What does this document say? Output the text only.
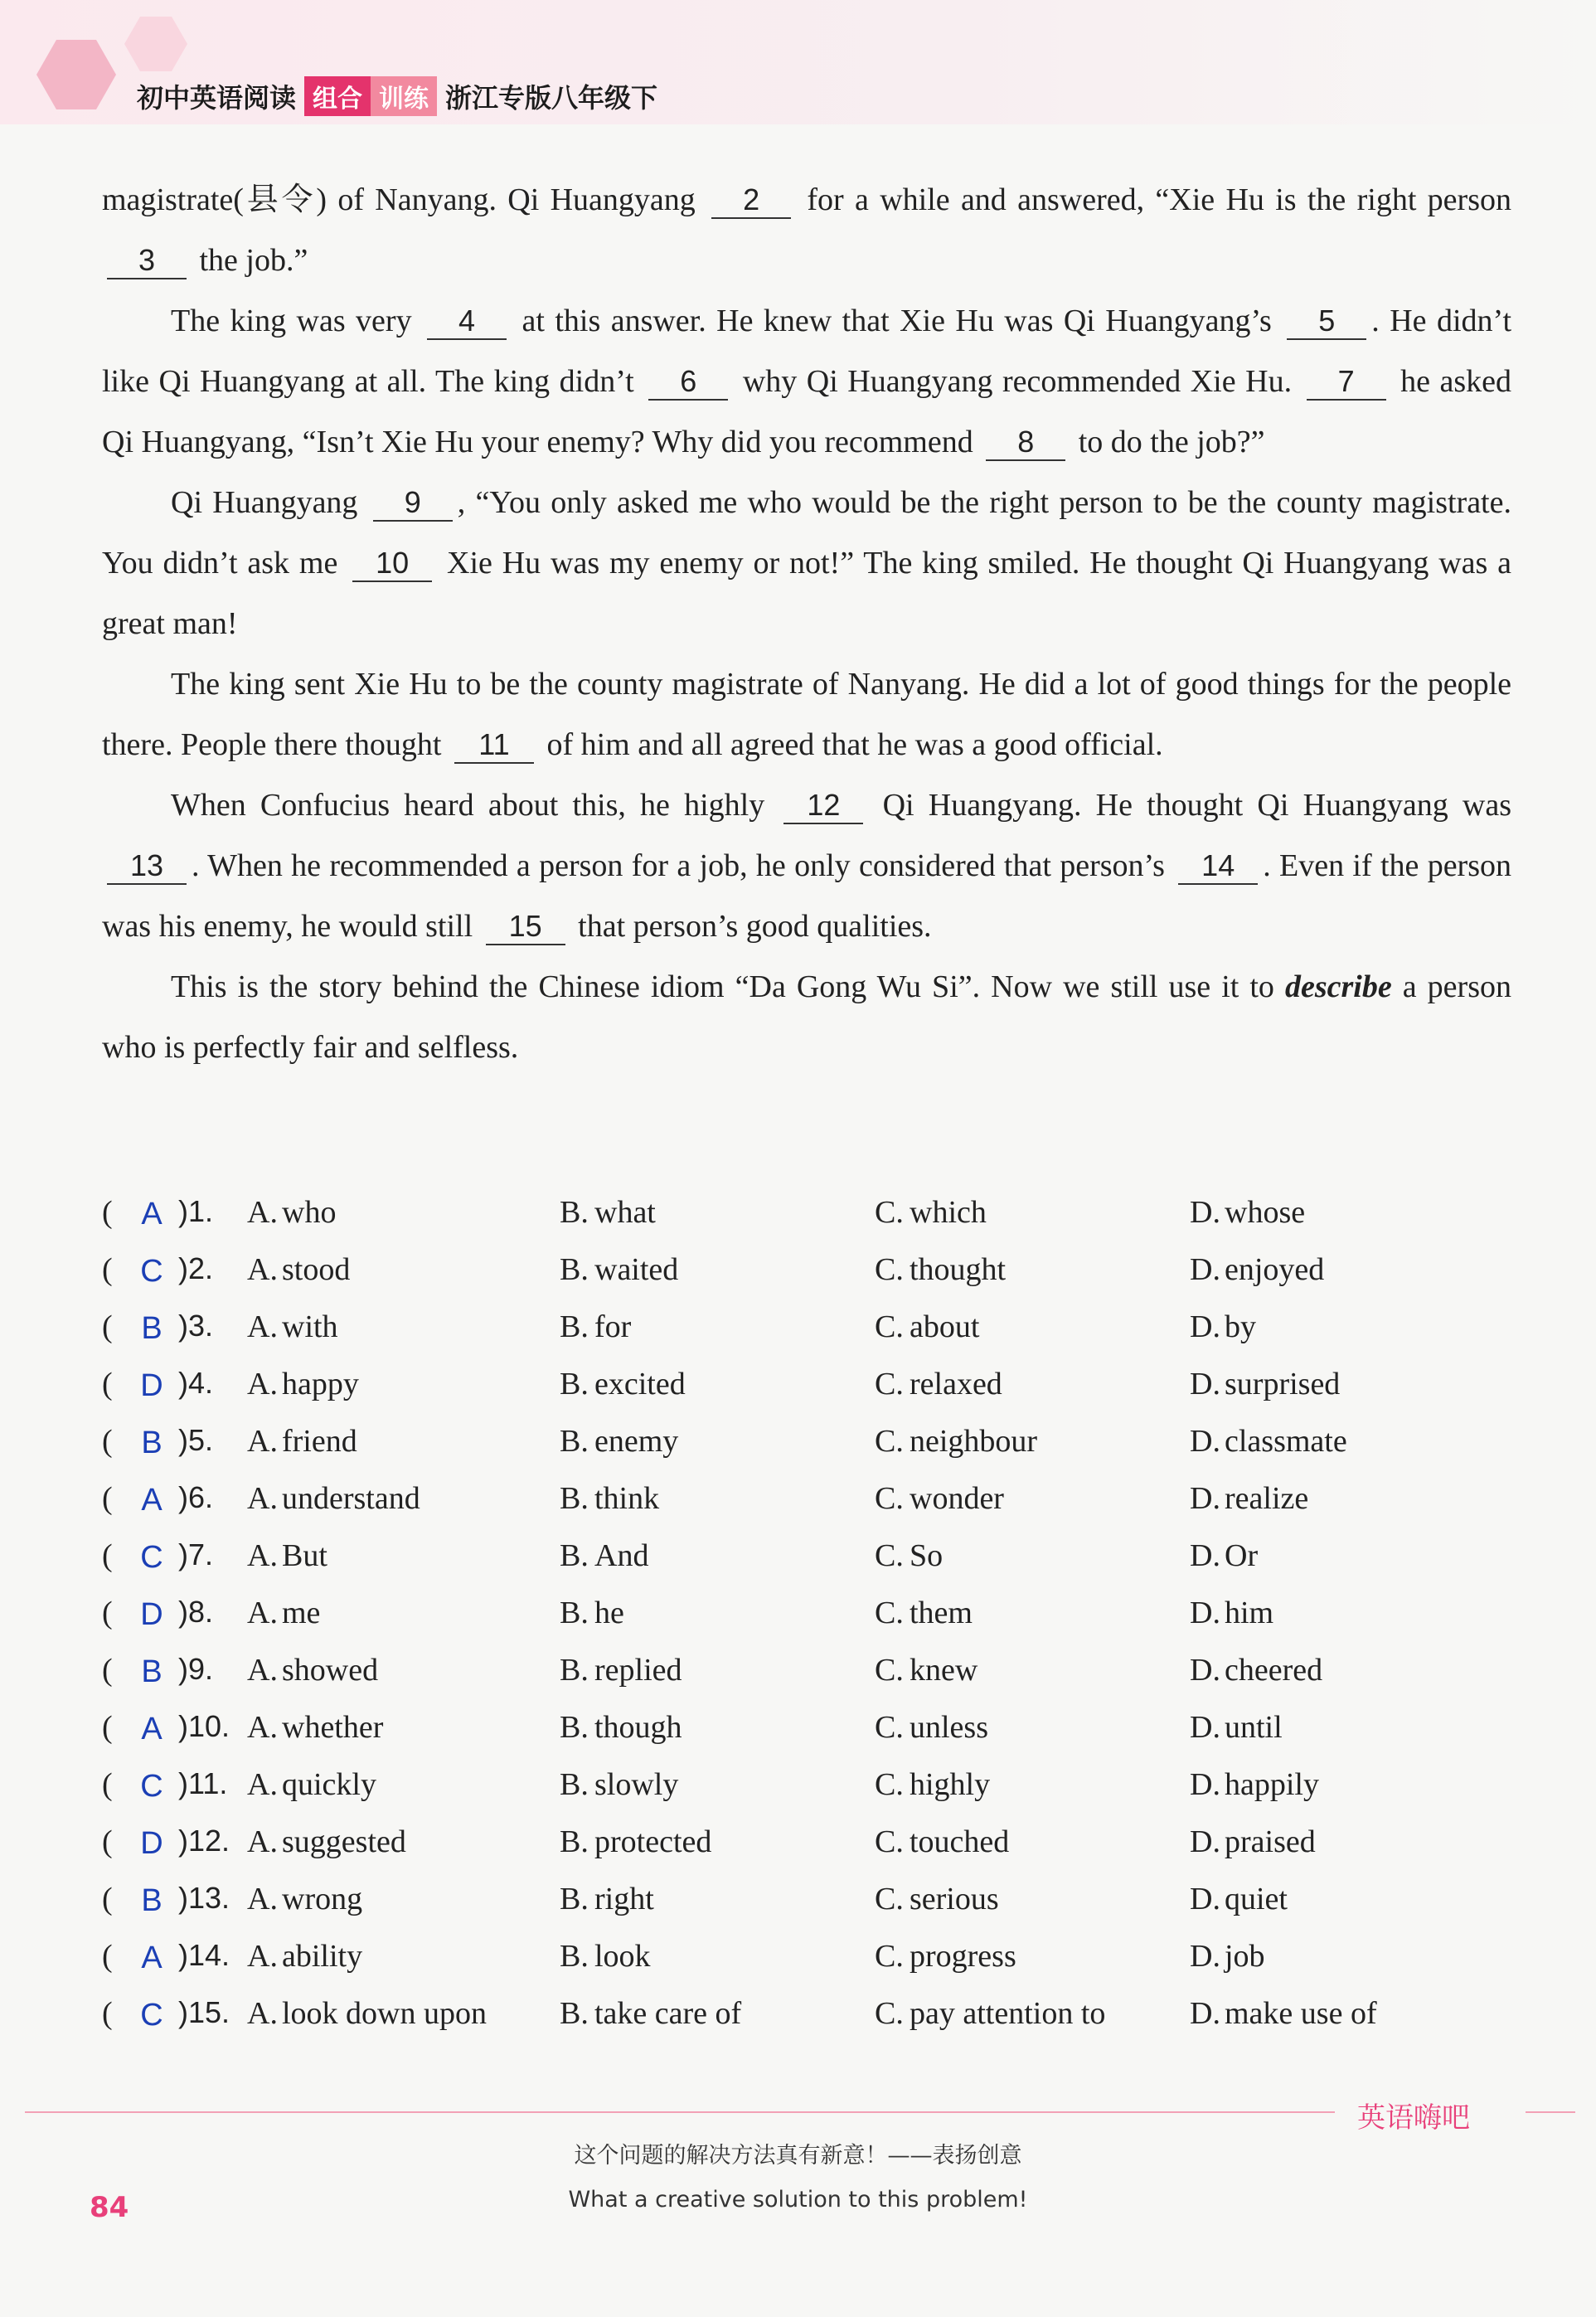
初中英语阅读 组合 训练 浙江专版八年级下

magistrate(县令) of Nanyang. Qi Huangyang 2 for a while and answered, “Xie Hu is the right person 3 the job.”

The king was very 4 at this answer. He knew that Xie Hu was Qi Huangyang’s 5 . He didn’t like Qi Huangyang at all. The king didn’t 6 why Qi Huangyang recommended Xie Hu. 7 he asked Qi Huangyang, “Isn’t Xie Hu your enemy? Why did you recommend 8 to do the job?”

Qi Huangyang 9 , “You only asked me who would be the right person to be the county magistrate. You didn’t ask me 10 Xie Hu was my enemy or not!” The king smiled. He thought Qi Huangyang was a great man!

The king sent Xie Hu to be the county magistrate of Nanyang. He did a lot of good things for the people there. People there thought 11 of him and all agreed that he was a good official.

When Confucius heard about this, he highly 12 Qi Huangyang. He thought Qi Huangyang was 13 . When he recommended a person for a job, he only considered that person’s 14 . Even if the person was his enemy, he would still 15 that person’s good qualities.

This is the story behind the Chinese idiom “Da Gong Wu Si”. Now we still use it to describe a person who is perfectly fair and selfless.

( A )1. A. who	B. what	C. which	D. whose
( C )2. A. stood	B. waited	C. thought	D. enjoyed
( B )3. A. with	B. for	C. about	D. by
( D )4. A. happy	B. excited	C. relaxed	D. surprised
( B )5. A. friend	B. enemy	C. neighbour	D. classmate
( A )6. A. understand	B. think	C. wonder	D. realize
( C )7. A. But	B. And	C. So	D. Or
( D )8. A. me	B. he	C. them	D. him
( B )9. A. showed	B. replied	C. knew	D. cheered
( A )10. A. whether	B. though	C. unless	D. until
( C )11. A. quickly	B. slowly	C. highly	D. happily
( D )12. A. suggested	B. protected	C. touched	D. praised
( B )13. A. wrong	B. right	C. serious	D. quiet
( A )14. A. ability	B. look	C. progress	D. job
( C )15. A. look down upon B. take care of	C. pay attention to	D. make use of
英语嗨吧
这个问题的解决方法真有新意！——表扬创意
What a creative solution to this problem!
84
